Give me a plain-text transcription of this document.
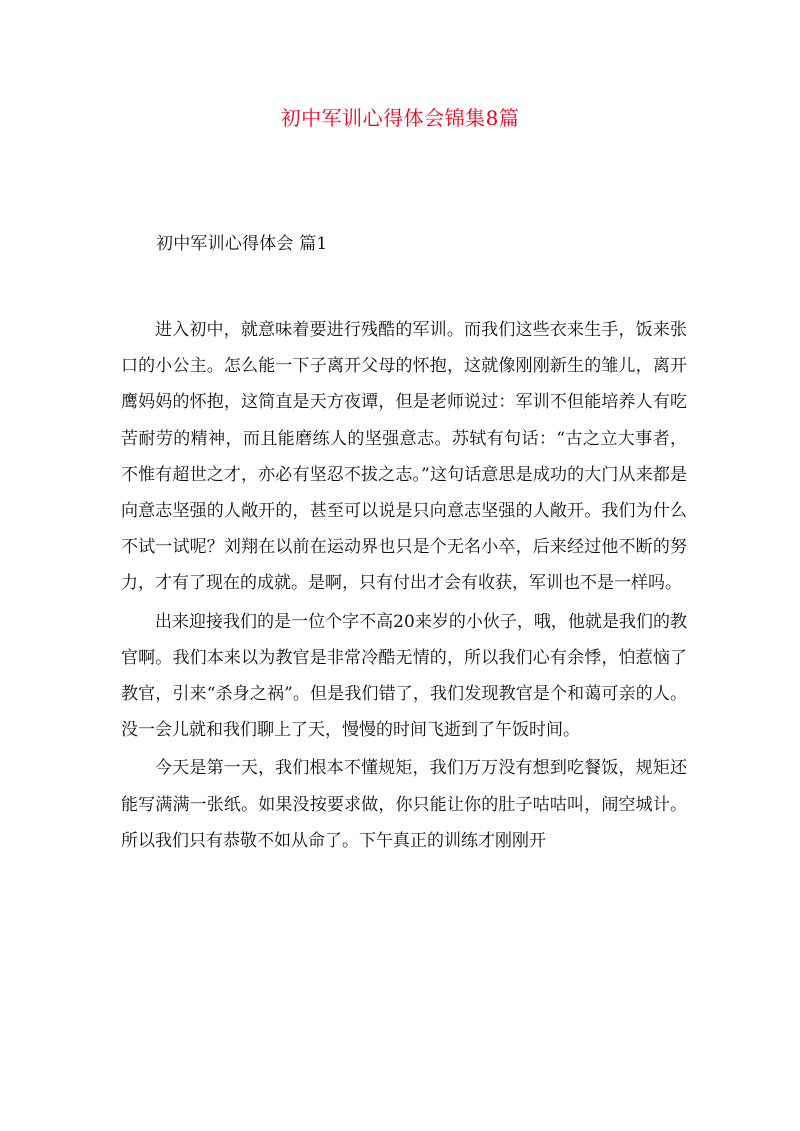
初中军训心得体会锦集8篇
初中军训心得体会 篇1

进入初中，就意味着要进行残酷的军训。而我们这些衣来生手，饭来张口的小公主。怎么能一下子离开父母的怀抱，这就像刚刚新生的雏儿，离开鹰妈妈的怀抱，这简直是天方夜谭，但是老师说过：军训不但能培养人有吃苦耐劳的精神，而且能磨练人的坚强意志。苏轼有句话：“古之立大事者，不惟有超世之才，亦必有坚忍不拔之志。”这句话意思是成功的大门从来都是向意志坚强的人敞开的，甚至可以说是只向意志坚强的人敞开。我们为什么不试一试呢？刘翔在以前在运动界也只是个无名小卒，后来经过他不断的努力，才有了现在的成就。是啊，只有付出才会有收获，军训也不是一样吗。

出来迎接我们的是一位个字不高20来岁的小伙子，哦，他就是我们的教官啊。我们本来以为教官是非常冷酷无情的，所以我们心有余悸，怕惹恼了教官，引来“杀身之祸”。但是我们错了，我们发现教官是个和蔼可亲的人。没一会儿就和我们聊上了天，慢慢的时间飞逝到了午饭时间。

今天是第一天，我们根本不懂规矩，我们万万没有想到吃餐饭，规矩还能写满满一张纸。如果没按要求做，你只能让你的肚子咕咕叫，闹空城计。所以我们只有恭敬不如从命了。下午真正的训练才刚刚开
